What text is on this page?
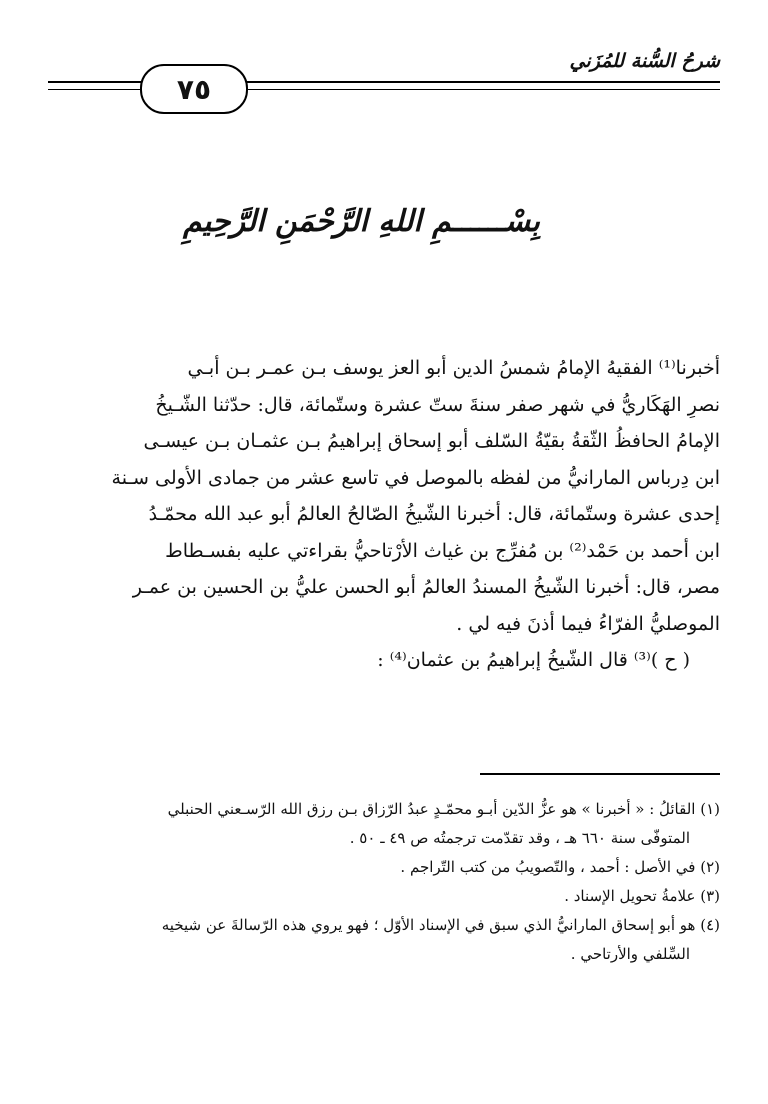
شرحُ السُّنة للمُزَني
٧٥
بِسْــــــمِ اللهِ الرَّحْمَنِ الرَّحِيمِ
أخبرنا⁽¹⁾ الفقيهُ الإمامُ شمسُ الدين أبو العز يوسف بـن عمـر بـن أبـي
نصرِ الهَكَاريُّ في شهر صفر سنةَ ستّ عشرة وستّمائة، قال: حدّثنا الشّـيخُ
الإمامُ الحافظُ الثّقةُ بقيّةُ السّلف أبو إسحاق إبراهيمُ بـن عثمـان بـن عيسـى
ابن دِرباس المارانيُّ من لفظه بالموصل في تاسع عشر من جمادى الأولى سـنة
إحدى عشرة وستّمائة، قال: أخبرنا الشّيخُ الصّالحُ العالمُ أبو عبد الله محمّـدُ
ابن أحمد بن حَمْد⁽²⁾ بن مُفرِّج بن غياث الأرْتاحيُّ بقراءتي عليه بفسـطاط
مصر، قال: أخبرنا الشّيخُ المسندُ العالمُ أبو الحسن عليُّ بن الحسين بن عمـر
الموصليُّ الفرّاءُ فيما أذنَ فيه لي .
( ح )⁽³⁾ قال الشّيخُ إبراهيمُ بن عثمان⁽⁴⁾ :
(١) القائلُ : « أخبرنا » هو عزُّ الدّين أبـو محمّـدٍ عبدُ الرّزاق بـن رزق الله الرّسـعني الحنبلي
المتوفّى سنة ٦٦٠ هـ ، وقد تقدّمت ترجمتُه ص ٤٩ ـ ٥٠ .
(٢) في الأصل : أحمد ، والتّصويبُ من كتب التّراجم .
(٣) علامةُ تحويل الإسناد .
(٤) هو أبو إسحاق المارانيُّ الذي سبق في الإسناد الأوّل ؛ فهو يروي هذه الرّسالةَ عن شيخيه
السِّلفي والأرتاحي .
